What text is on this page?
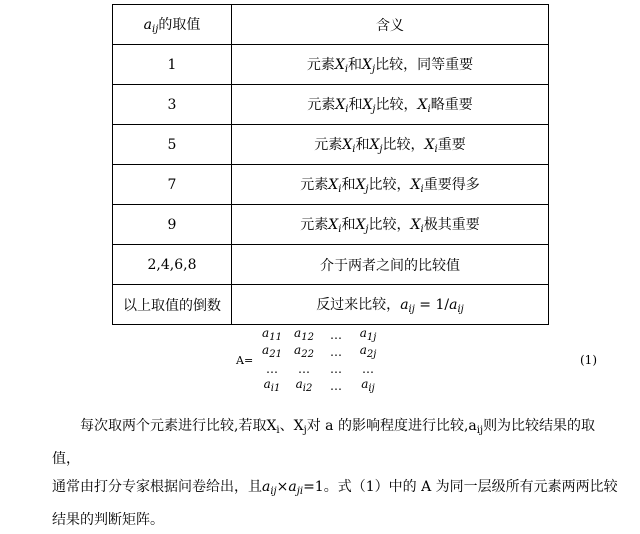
$a_{ij}$的取值	含义
1	元素$X_i$和$X_j$比较，同等重要
3	元素$X_i$和$X_j$比较，$X_i$略重要
5	元素$X_i$和$X_j$比较，$X_i$重要
7	元素$X_i$和$X_j$比较，$X_i$重要得多
9	元素$X_i$和$X_j$比较，$X_i$极其重要
2,4,6,8	介于两者之间的比较值
以上取值的倒数	反过来比较，$a_{ij} = 1/a_{ij}$
A=
$a_{11}$	$a_{12}$	…	$a_{1j}$
$a_{21}$	$a_{22}$	…	$a_{2j}$
…	…	…	…
$a_{i1}$	$a_{i2}$	…	$a_{ij}$
(1)

每次取两个元素进行比较,若取$X_i$、$X_j$对 a 的影响程度进行比较$,a_{ij}$则为比较结果的取值，

通常由打分专家根据问卷给出，且$a_{ij}\times a_{ji}=1$。式（1）中的 A 为同一层级所有元素两两比较

结果的判断矩阵。
